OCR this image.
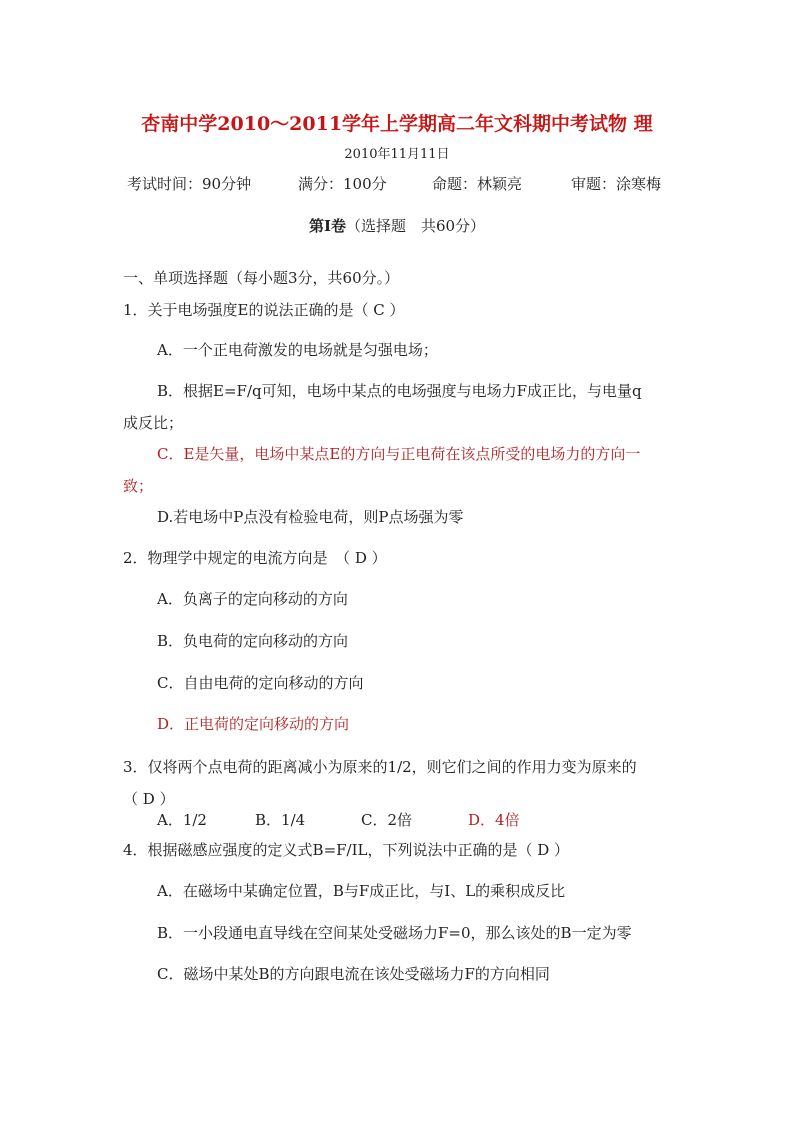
杏南中学2010～2011学年上学期高二年文科期中考试物 理
2010年11月11日
考试时间：90分钟	满分：100分	命题：林颖亮	审题：涂寒梅
第Ⅰ卷（选择题　共60分）
一、单项选择题（每小题3分，共60分。）
1．关于电场强度E的说法正确的是（ C ）
A．一个正电荷激发的电场就是匀强电场；
B．根据E=F/q可知，电场中某点的电场强度与电场力F成正比，与电量q
成反比；
C．E是矢量，电场中某点E的方向与正电荷在该点所受的电场力的方向一
致；
D.若电场中P点没有检验电荷，则P点场强为零
2．物理学中规定的电流方向是　（ D ）
A．负离子的定向移动的方向
B．负电荷的定向移动的方向
C．自由电荷的定向移动的方向
D．正电荷的定向移动的方向
3．仅将两个点电荷的距离减小为原来的1/2，则它们之间的作用力变为原来的
（ D ）
A．1/2	B．1/4	C．2倍	D．4倍
4．根据磁感应强度的定义式B=F/IL，下列说法中正确的是（ D ）
A．在磁场中某确定位置，B与F成正比，与I、L的乘积成反比
B．一小段通电直导线在空间某处受磁场力F=0，那么该处的B一定为零
C．磁场中某处B的方向跟电流在该处受磁场力F的方向相同
